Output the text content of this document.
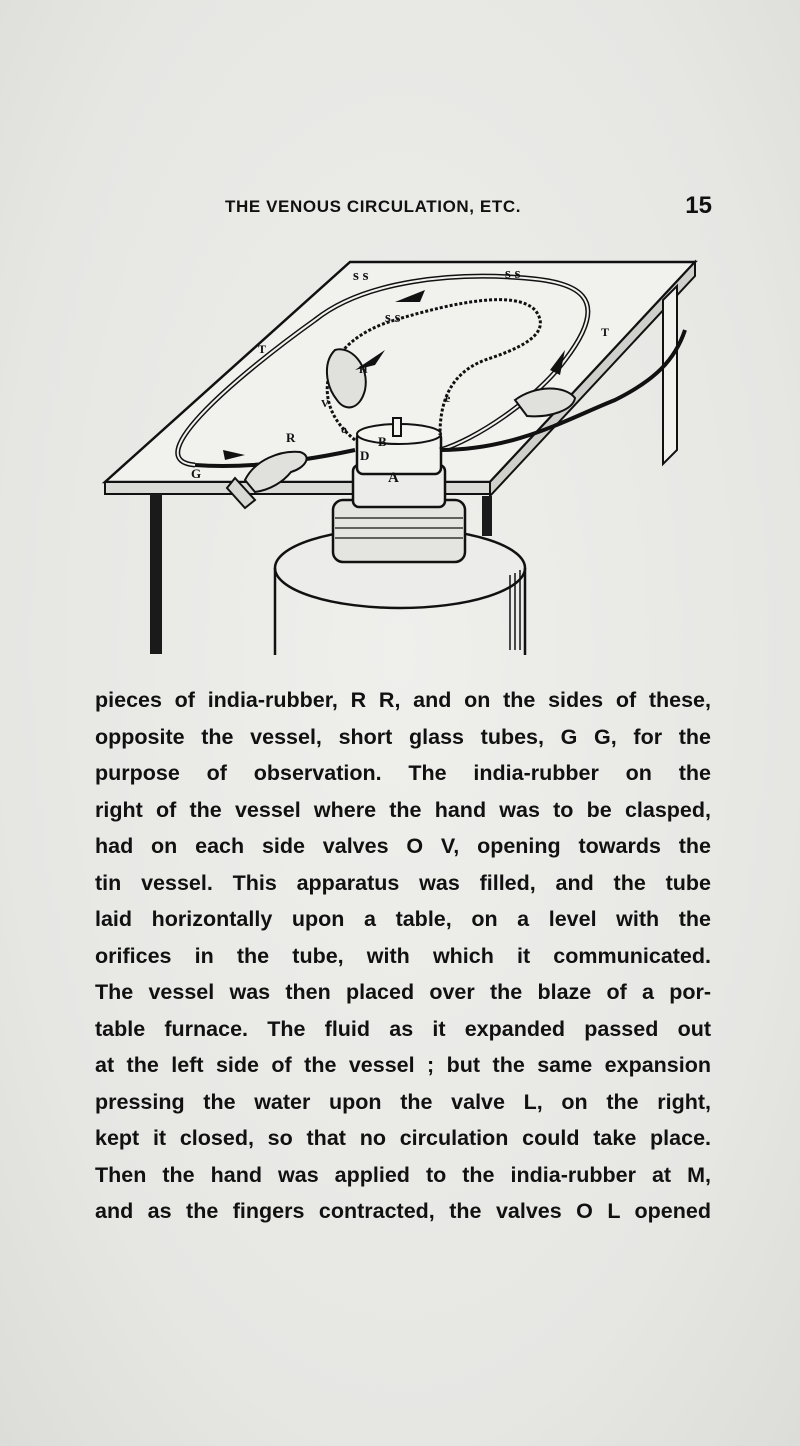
THE VENOUS CIRCULATION, ETC.	15
s s	s s
s s
T
T
H
V
R
G
o
e
B
D
A
pieces of india-rubber, R R, and on the sides of these,
opposite the vessel, short glass tubes, G G, for the
purpose of observation. The india-rubber on the
right of the vessel where the hand was to be clasped,
had on each side valves O V, opening towards the
tin vessel. This apparatus was filled, and the tube
laid horizontally upon a table, on a level with the
orifices in the tube, with which it communicated.
The vessel was then placed over the blaze of a por-
table furnace. The fluid as it expanded passed out
at the left side of the vessel ; but the same expansion
pressing the water upon the valve L, on the right,
kept it closed, so that no circulation could take place.
Then the hand was applied to the india-rubber at M,
and as the fingers contracted, the valves O L opened
